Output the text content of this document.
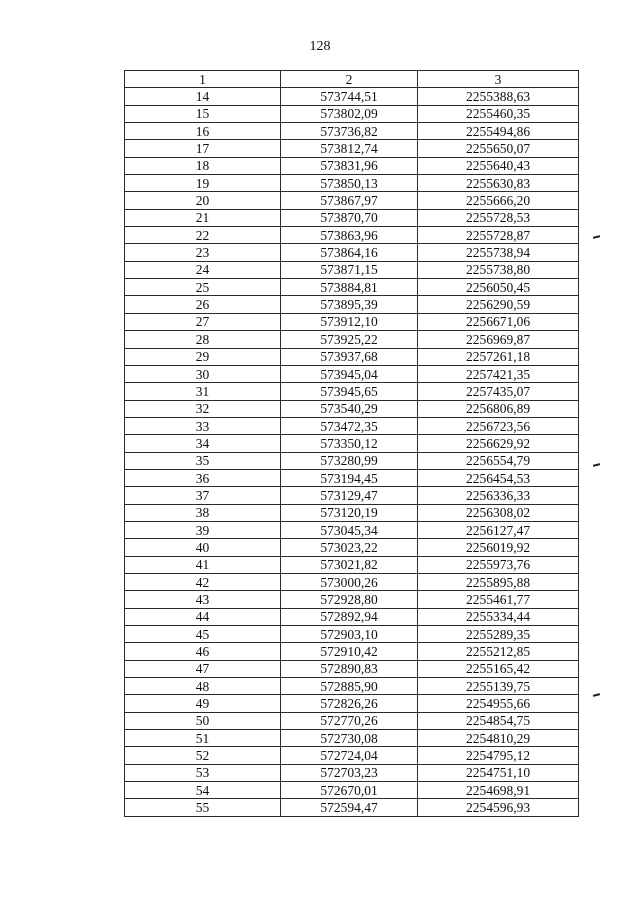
128
1	2	3
14	573744,51	2255388,63
15	573802,09	2255460,35
16	573736,82	2255494,86
17	573812,74	2255650,07
18	573831,96	2255640,43
19	573850,13	2255630,83
20	573867,97	2255666,20
21	573870,70	2255728,53
22	573863,96	2255728,87
23	573864,16	2255738,94
24	573871,15	2255738,80
25	573884,81	2256050,45
26	573895,39	2256290,59
27	573912,10	2256671,06
28	573925,22	2256969,87
29	573937,68	2257261,18
30	573945,04	2257421,35
31	573945,65	2257435,07
32	573540,29	2256806,89
33	573472,35	2256723,56
34	573350,12	2256629,92
35	573280,99	2256554,79
36	573194,45	2256454,53
37	573129,47	2256336,33
38	573120,19	2256308,02
39	573045,34	2256127,47
40	573023,22	2256019,92
41	573021,82	2255973,76
42	573000,26	2255895,88
43	572928,80	2255461,77
44	572892,94	2255334,44
45	572903,10	2255289,35
46	572910,42	2255212,85
47	572890,83	2255165,42
48	572885,90	2255139,75
49	572826,26	2254955,66
50	572770,26	2254854,75
51	572730,08	2254810,29
52	572724,04	2254795,12
53	572703,23	2254751,10
54	572670,01	2254698,91
55	572594,47	2254596,93
